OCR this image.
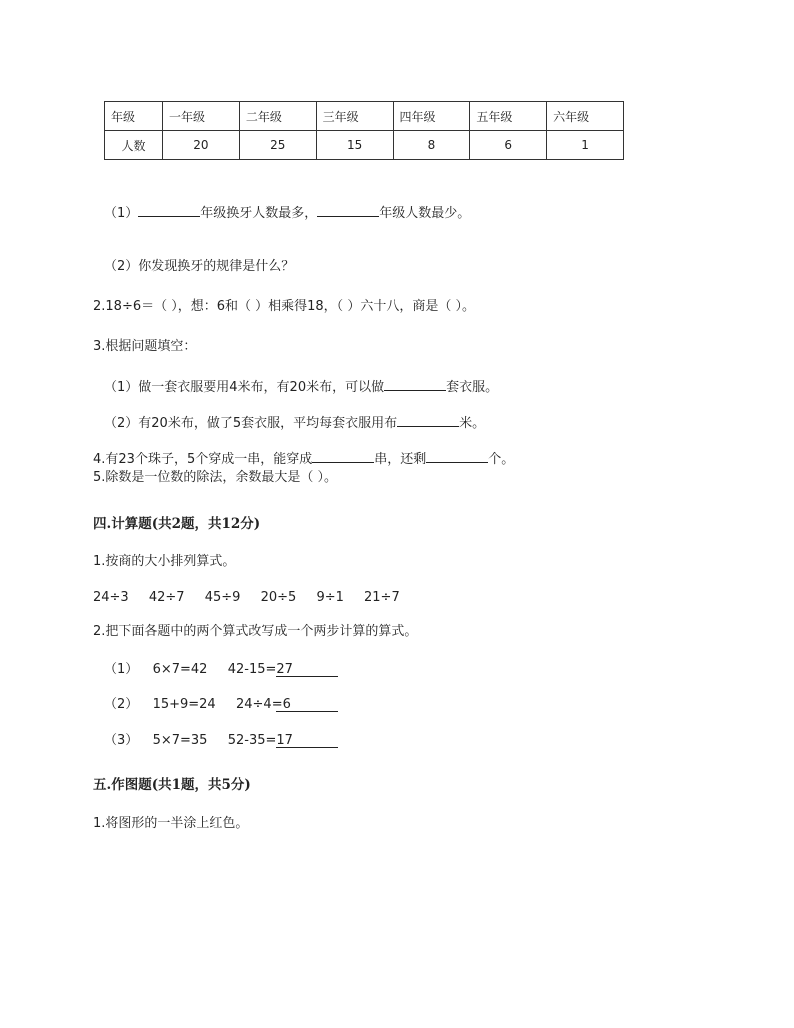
年级	一年级	二年级	三年级	四年级	五年级	六年级
人数	20	25	15	8	6	1
（1）	年级换牙人数最多，	年级人数最少。
（2）你发现换牙的规律是什么？
2.18÷6＝（ ），想：6和（ ）相乘得18，（ ）六十八，商是（ ）。
3.根据问题填空：
（1）做一套衣服要用4米布，有20米布，可以做	套衣服。
（2）有20米布，做了5套衣服，平均每套衣服用布	米。
4.有23个珠子，5个穿成一串，能穿成	串，还剩	个。
5.除数是一位数的除法，余数最大是（ ）。
四.计算题(共2题，共12分)
1.按商的大小排列算式。
24÷3 42÷7 45÷9 20÷5 9÷1 21÷7
2.把下面各题中的两个算式改写成一个两步计算的算式。
（1） 6×7=42 42-15=27
（2） 15+9=24 24÷4=6
（3） 5×7=35 52-35=17
五.作图题(共1题，共5分)
1.将图形的一半涂上红色。
